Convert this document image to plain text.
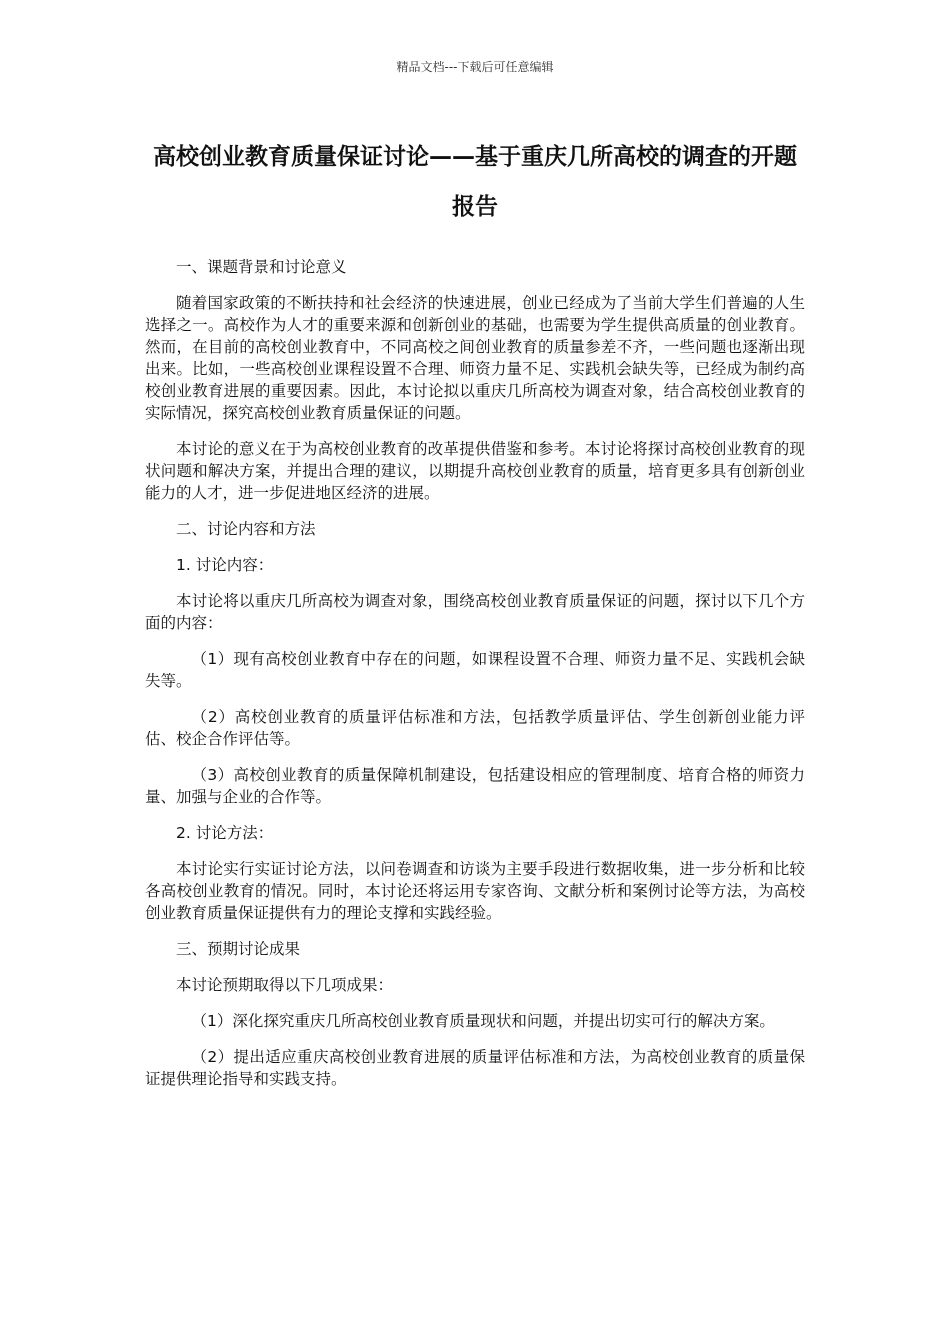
精品文档---下载后可任意编辑
高校创业教育质量保证讨论——基于重庆几所高校的调查的开题报告

一、课题背景和讨论意义

随着国家政策的不断扶持和社会经济的快速进展，创业已经成为了当前大学生们普遍的人生选择之一。高校作为人才的重要来源和创新创业的基础，也需要为学生提供高质量的创业教育。然而，在目前的高校创业教育中，不同高校之间创业教育的质量参差不齐，一些问题也逐渐出现出来。比如，一些高校创业课程设置不合理、师资力量不足、实践机会缺失等，已经成为制约高校创业教育进展的重要因素。因此，本讨论拟以重庆几所高校为调查对象，结合高校创业教育的实际情况，探究高校创业教育质量保证的问题。

本讨论的意义在于为高校创业教育的改革提供借鉴和参考。本讨论将探讨高校创业教育的现状问题和解决方案，并提出合理的建议，以期提升高校创业教育的质量，培育更多具有创新创业能力的人才，进一步促进地区经济的进展。

二、讨论内容和方法

1. 讨论内容：

本讨论将以重庆几所高校为调查对象，围绕高校创业教育质量保证的问题，探讨以下几个方面的内容：

（1）现有高校创业教育中存在的问题，如课程设置不合理、师资力量不足、实践机会缺失等。

（2）高校创业教育的质量评估标准和方法，包括教学质量评估、学生创新创业能力评估、校企合作评估等。

（3）高校创业教育的质量保障机制建设，包括建设相应的管理制度、培育合格的师资力量、加强与企业的合作等。

2. 讨论方法：

本讨论实行实证讨论方法，以问卷调查和访谈为主要手段进行数据收集，进一步分析和比较各高校创业教育的情况。同时，本讨论还将运用专家咨询、文献分析和案例讨论等方法，为高校创业教育质量保证提供有力的理论支撑和实践经验。

三、预期讨论成果

本讨论预期取得以下几项成果：

（1）深化探究重庆几所高校创业教育质量现状和问题，并提出切实可行的解决方案。

（2）提出适应重庆高校创业教育进展的质量评估标准和方法，为高校创业教育的质量保证提供理论指导和实践支持。
